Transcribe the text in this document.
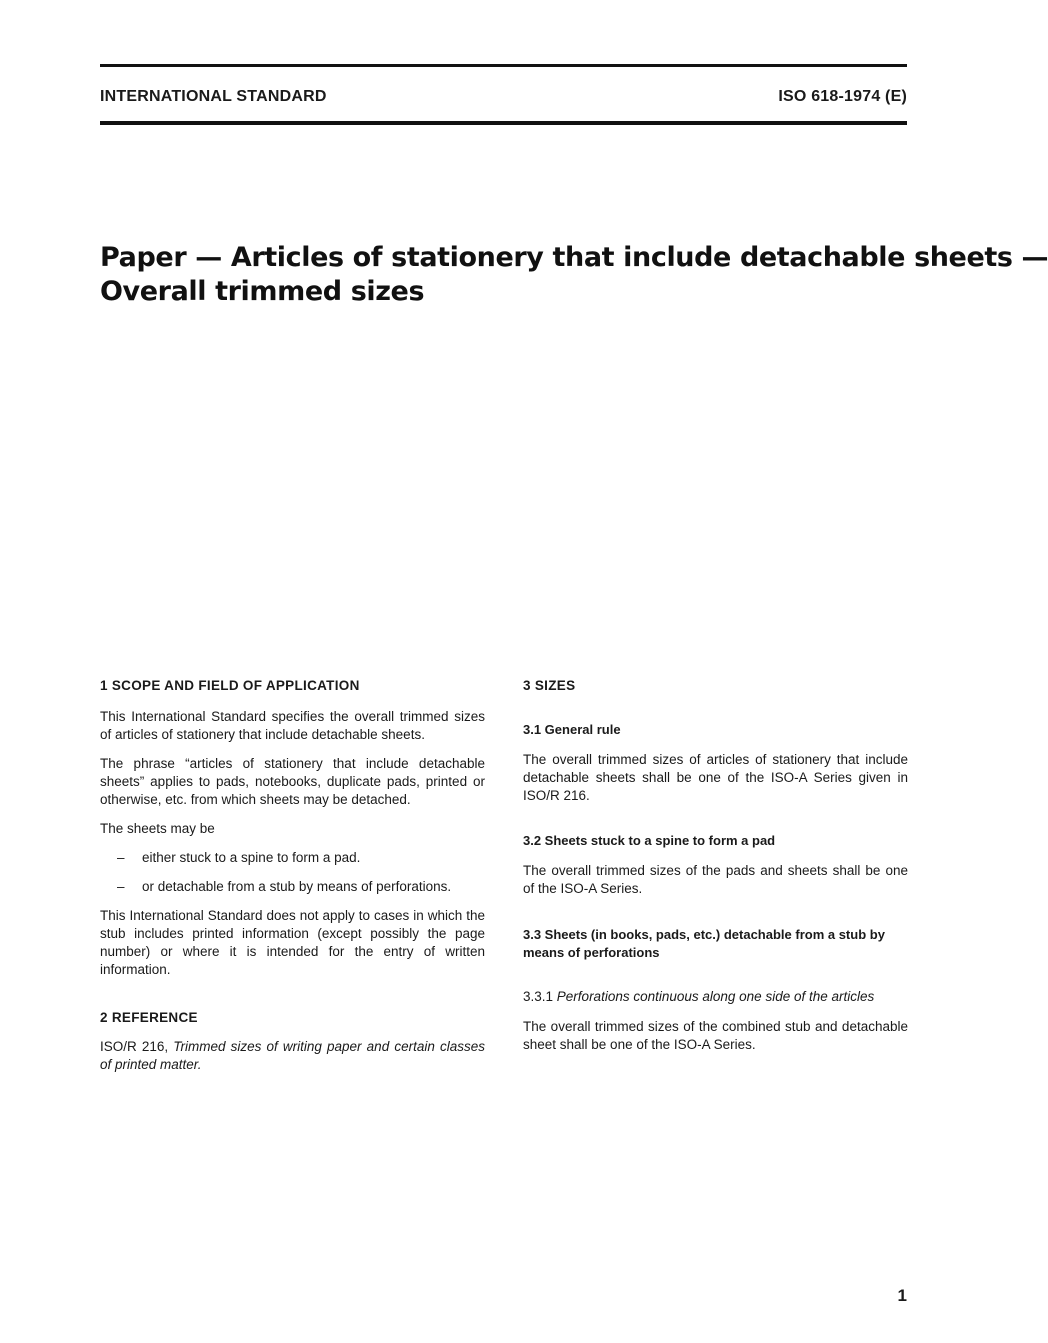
INTERNATIONAL STANDARD	ISO 618-1974 (E)
Paper — Articles of stationery that include detachable sheets —
Overall trimmed sizes
1 SCOPE AND FIELD OF APPLICATION

This International Standard specifies the overall trimmed sizes of articles of stationery that include detachable sheets.

The phrase “articles of stationery that include detachable sheets” applies to pads, notebooks, duplicate pads, printed or otherwise, etc. from which sheets may be detached.

The sheets may be

–	either stuck to a spine to form a pad.
–	or detachable from a stub by means of perforations.

This International Standard does not apply to cases in which the stub includes printed information (except possibly the page number) or where it is intended for the entry of written information.

2 REFERENCE

ISO/R 216, Trimmed sizes of writing paper and certain classes of printed matter.

3 SIZES
3.1 General rule

The overall trimmed sizes of articles of stationery that include detachable sheets shall be one of the ISO-A Series given in ISO/R 216.

3.2 Sheets stuck to a spine to form a pad

The overall trimmed sizes of the pads and sheets shall be one of the ISO-A Series.

3.3 Sheets (in books, pads, etc.) detachable from a stub by means of perforations

3.3.1 Perforations continuous along one side of the articles

The overall trimmed sizes of the combined stub and detachable sheet shall be one of the ISO-A Series.

1
